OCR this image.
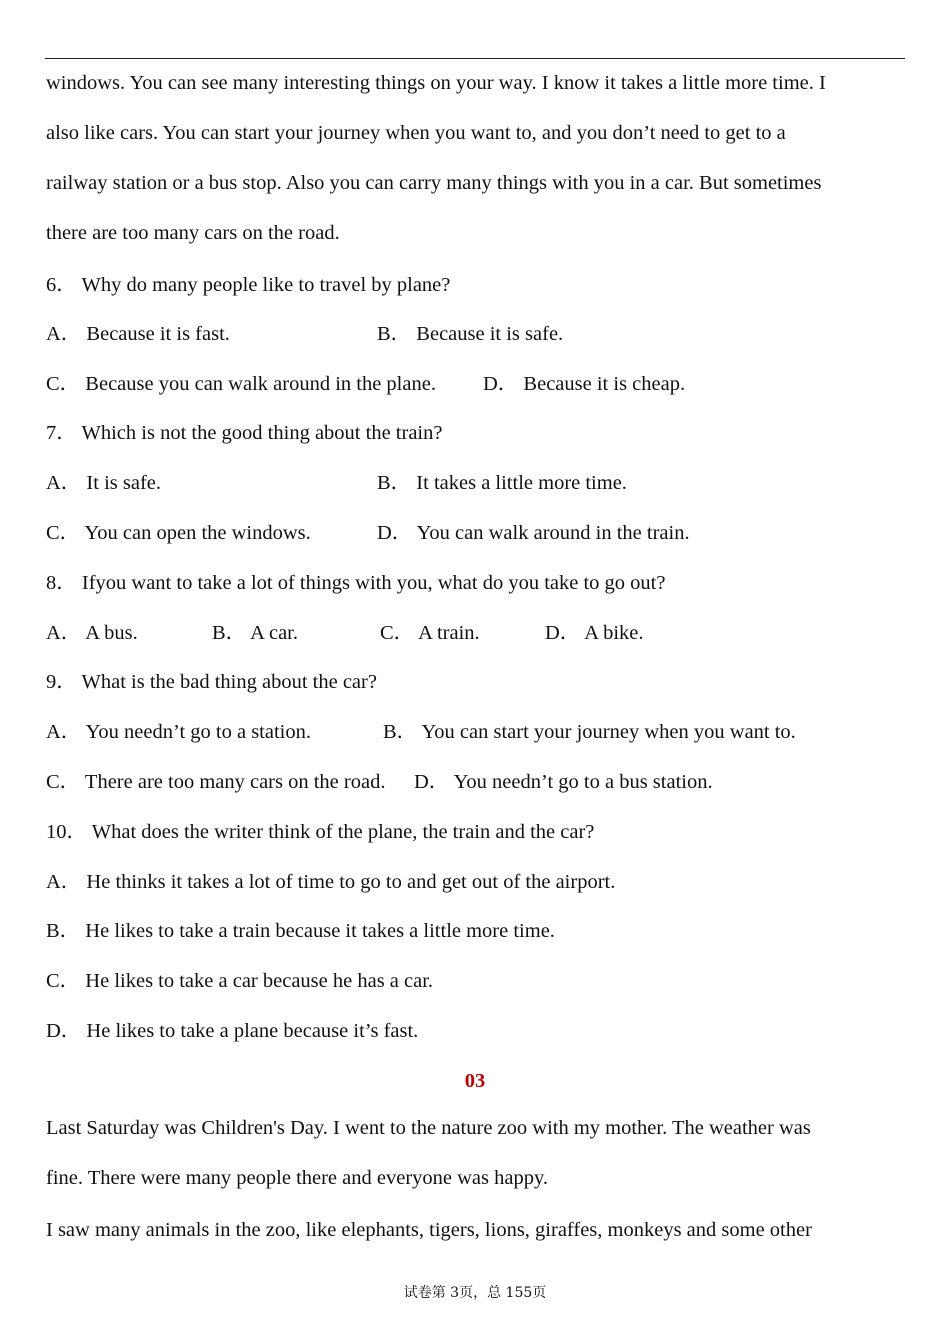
windows. You can see many interesting things on your way. I know it takes a little more time. I
also like cars. You can start your journey when you want to, and you don’t need to get to a
railway station or a bus stop. Also you can carry many things with you in a car. But sometimes
there are too many cars on the road.
6． Why do many people like to travel by plane?
A． Because it is fast.	B． Because it is safe.
C． Because you can walk around in the plane. D． Because it is cheap.
7． Which is not the good thing about the train?
A． It is safe.	B． It takes a little more time.
C． You can open the windows.	D． You can walk around in the train.
8． Ifyou want to take a lot of things with you, what do you take to go out?
A． A bus.	B． A car.	C． A train.	D． A bike.
9． What is the bad thing about the car?
A． You needn’t go to a station.	B． You can start your journey when you want to.
C． There are too many cars on the road. D． You needn’t go to a bus station.
10． What does the writer think of the plane, the train and the car?
A． He thinks it takes a lot of time to go to and get out of the airport.
B． He likes to take a train because it takes a little more time.
C． He likes to take a car because he has a car.
D． He likes to take a plane because it’s fast.
03
Last Saturday was Children's Day. I went to the nature zoo with my mother. The weather was
fine. There were many people there and everyone was happy.
I saw many animals in the zoo, like elephants, tigers, lions, giraffes, monkeys and some other
试卷第 3页，总 155页
